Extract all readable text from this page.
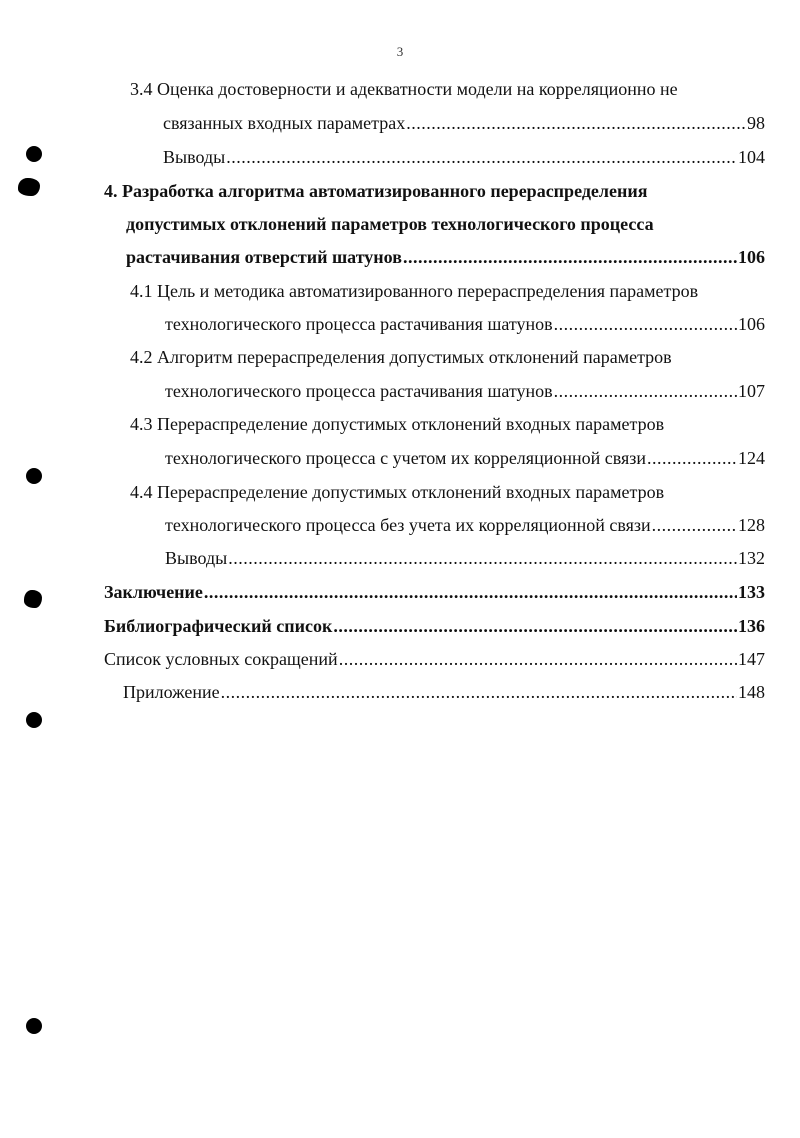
3
3.4 Оценка достоверности и адекватности модели на корреляционно не
связанных входных параметрах .....	98
Выводы .....	104
4. Разработка алгоритма автоматизированного перераспределения
допустимых отклонений параметров технологического процесса
растачивания отверстий шатунов .....	106
4.1 Цель и методика автоматизированного перераспределения параметров
технологического процесса растачивания шатунов .....	106
4.2 Алгоритм перераспределения допустимых отклонений параметров
технологического процесса растачивания шатунов .....	107
4.3 Перераспределение допустимых отклонений входных параметров
технологического процесса с учетом их корреляционной связи .....	124
4.4 Перераспределение допустимых отклонений входных параметров
технологического процесса без учета их корреляционной связи .....	128
Выводы .....	132
Заключение .....	133
Библиографический список .....	136
Список условных сокращений .....	147
Приложение .....	148
